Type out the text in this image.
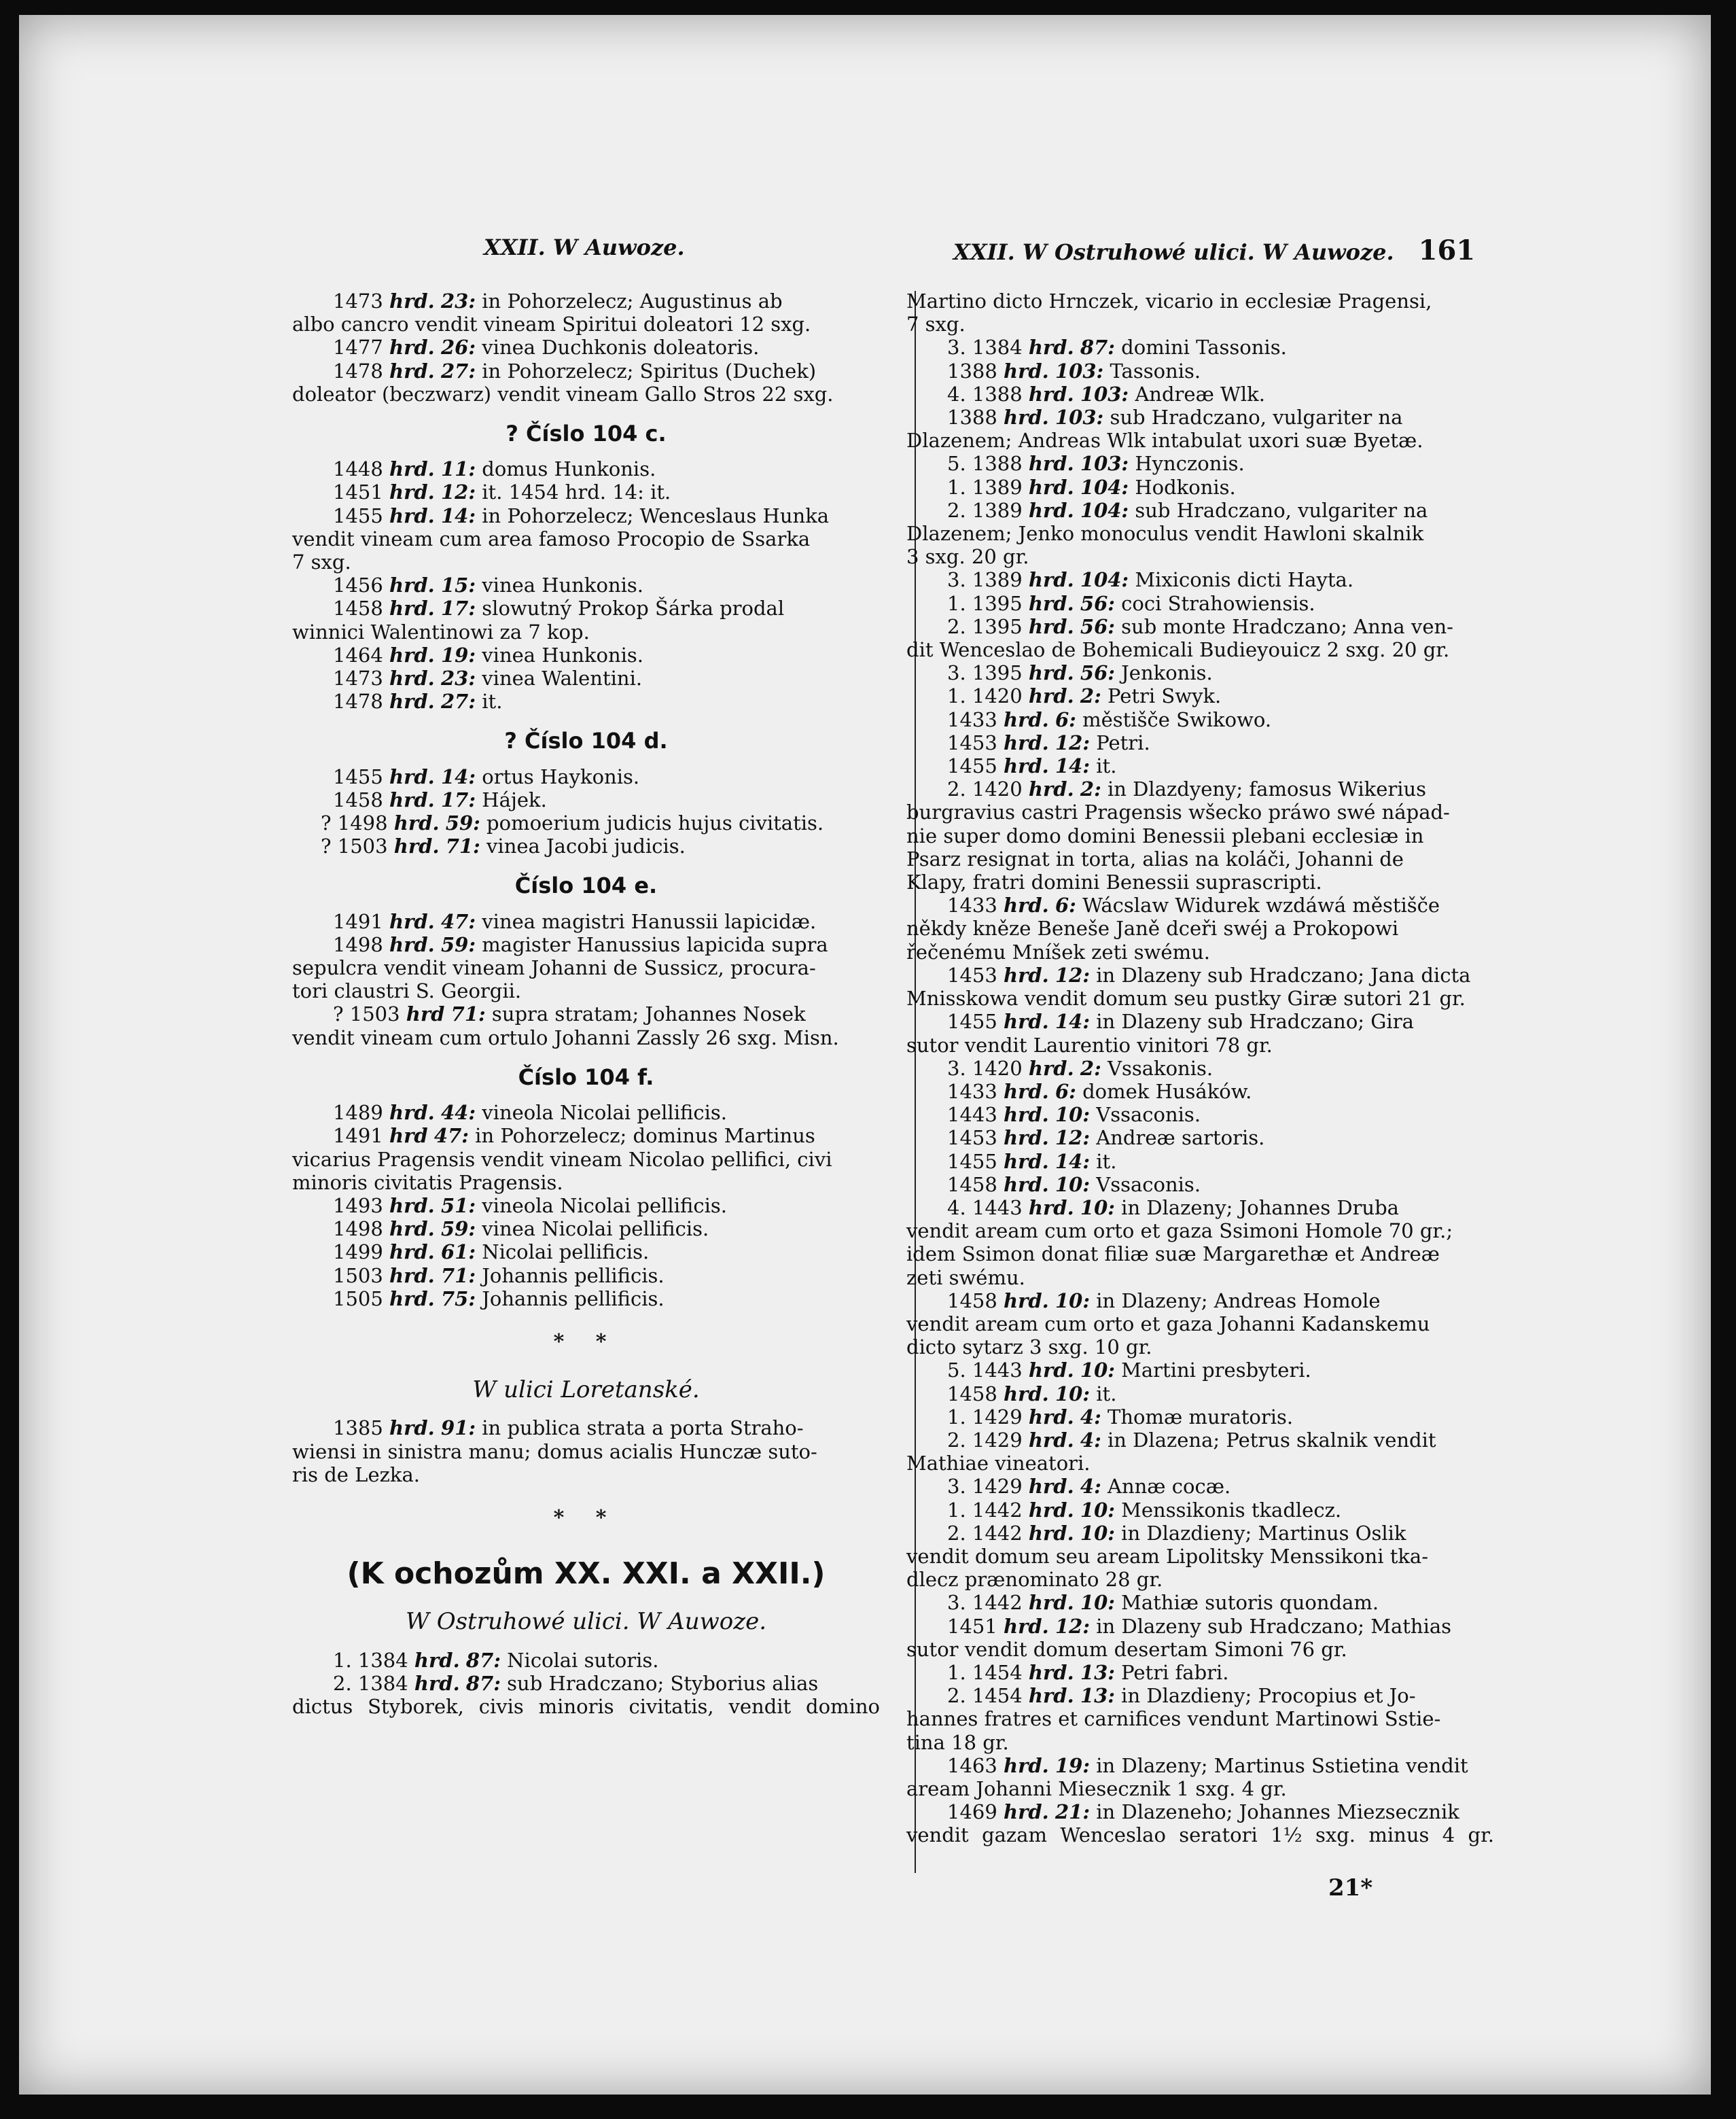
XXII. W Auwoze.	XXII. W Ostruhowé ulici. W Auwoze. 161
1473 hrd. 23: in Pohorzelecz; Augustinus ab
albo cancro vendit vineam Spiritui doleatori 12 sxg.
1477 hrd. 26: vinea Duchkonis doleatoris.
1478 hrd. 27: in Pohorzelecz; Spiritus (Duchek)
doleator (beczwarz) vendit vineam Gallo Stros 22 sxg.
? Číslo 104 c.
1448 hrd. 11: domus Hunkonis.
1451 hrd. 12: it. 1454 hrd. 14: it.
1455 hrd. 14: in Pohorzelecz; Wenceslaus Hunka
vendit vineam cum area famoso Procopio de Ssarka
7 sxg.
1456 hrd. 15: vinea Hunkonis.
1458 hrd. 17: slowutný Prokop Šárka prodal
winnici Walentinowi za 7 kop.
1464 hrd. 19: vinea Hunkonis.
1473 hrd. 23: vinea Walentini.
1478 hrd. 27: it.
? Číslo 104 d.
1455 hrd. 14: ortus Haykonis.
1458 hrd. 17: Hájek.
? 1498 hrd. 59: pomoerium judicis hujus civitatis.
? 1503 hrd. 71: vinea Jacobi judicis.
Číslo 104 e.
1491 hrd. 47: vinea magistri Hanussii lapicidæ.
1498 hrd. 59: magister Hanussius lapicida supra
sepulcra vendit vineam Johanni de Sussicz, procura-
tori claustri S. Georgii.
? 1503 hrd 71: supra stratam; Johannes Nosek
vendit vineam cum ortulo Johanni Zassly 26 sxg. Misn.
Číslo 104 f.
1489 hrd. 44: vineola Nicolai pellificis.
1491 hrd 47: in Pohorzelecz; dominus Martinus
vicarius Pragensis vendit vineam Nicolao pellifici, civi
minoris civitatis Pragensis.
1493 hrd. 51: vineola Nicolai pellificis.
1498 hrd. 59: vinea Nicolai pellificis.
1499 hrd. 61: Nicolai pellificis.
1503 hrd. 71: Johannis pellificis.
1505 hrd. 75: Johannis pellificis.
* *
W ulici Loretanské.
1385 hrd. 91: in publica strata a porta Straho-
wiensi in sinistra manu; domus acialis Hunczæ sutо-
ris de Lezka.
* *
(K ochozům XX. XXI. a XXII.)
W Ostruhowé ulici. W Auwoze.
1. 1384 hrd. 87: Nicolai sutoris.
2. 1384 hrd. 87: sub Hradczano; Styborius alias
dictus Styborek, civis minoris civitatis, vendit domino
Martino dicto Hrnczek, vicario in ecclesiæ Pragensi,
7 sxg.
3. 1384 hrd. 87: domini Tassonis.
1388 hrd. 103: Tassonis.
4. 1388 hrd. 103: Andreæ Wlk.
1388 hrd. 103: sub Hradczano, vulgariter na
Dlazenem; Andreas Wlk intabulat uxori suæ Byetæ.
5. 1388 hrd. 103: Hynczonis.
1. 1389 hrd. 104: Hodkonis.
2. 1389 hrd. 104: sub Hradczano, vulgariter na
Dlazenem; Jenko monoculus vendit Hawloni skalnik
3 sxg. 20 gr.
3. 1389 hrd. 104: Mixiconis dicti Hayta.
1. 1395 hrd. 56: coci Strahowiensis.
2. 1395 hrd. 56: sub monte Hradczano; Anna ven-
dit Wenceslao de Bohemicali Budieyouicz 2 sxg. 20 gr.
3. 1395 hrd. 56: Jenkonis.
1. 1420 hrd. 2: Petri Swyk.
1433 hrd. 6: městišče Swikowo.
1453 hrd. 12: Petri.
1455 hrd. 14: it.
2. 1420 hrd. 2: in Dlazdyeny; famosus Wikerius
burgravius castri Pragensis wšecko práwo swé nápad-
nie super domo domini Benessii plebani ecclesiæ in
Psarz resignat in torta, alias na koláči, Johanni de
Klapy, fratri domini Benessii suprascripti.
1433 hrd. 6: Wácslaw Widurek wzdáwá městišče
někdy kněze Beneše Janě dceři swéj a Prokopowi
řečenému Mníšek zeti swému.
1453 hrd. 12: in Dlazeny sub Hradczano; Jana dicta
Mnisskowa vendit domum seu pustky Giræ sutori 21 gr.
1455 hrd. 14: in Dlazeny sub Hradczano; Gira
sutor vendit Laurentio vinitori 78 gr.
3. 1420 hrd. 2: Vssakonis.
1433 hrd. 6: domek Husáków.
1443 hrd. 10: Vssaconis.
1453 hrd. 12: Andreæ sartoris.
1455 hrd. 14: it.
1458 hrd. 10: Vssaconis.
4. 1443 hrd. 10: in Dlazeny; Johannes Druba
vendit aream cum orto et gaza Ssimoni Homole 70 gr.;
idem Ssimon donat filiæ suæ Margarethæ et Andreæ
zeti swému.
1458 hrd. 10: in Dlazeny; Andreas Homole
vendit aream cum orto et gaza Johanni Kadanskemu
dicto sytarz 3 sxg. 10 gr.
5. 1443 hrd. 10: Martini presbyteri.
1458 hrd. 10: it.
1. 1429 hrd. 4: Thomæ muratoris.
2. 1429 hrd. 4: in Dlazena; Petrus skalnik vendit
Mathiae vineatori.
3. 1429 hrd. 4: Annæ cocæ.
1. 1442 hrd. 10: Menssikonis tkadlecz.
2. 1442 hrd. 10: in Dlazdieny; Martinus Oslik
vendit domum seu aream Lipolitsky Menssikoni tka-
dlecz prænominato 28 gr.
3. 1442 hrd. 10: Mathiæ sutoris quondam.
1451 hrd. 12: in Dlazeny sub Hradczano; Mathias
sutor vendit domum desertam Simoni 76 gr.
1. 1454 hrd. 13: Petri fabri.
2. 1454 hrd. 13: in Dlazdieny; Procopius et Jo-
hannes fratres et carnifices vendunt Martinowi Sstie-
tina 18 gr.
1463 hrd. 19: in Dlazeny; Martinus Sstietina vendit
aream Johanni Miesecznik 1 sxg. 4 gr.
1469 hrd. 21: in Dlazeneho; Johannes Miezsecznik
vendit gazam Wenceslao seratori 1½ sxg. minus 4 gr.
21*
